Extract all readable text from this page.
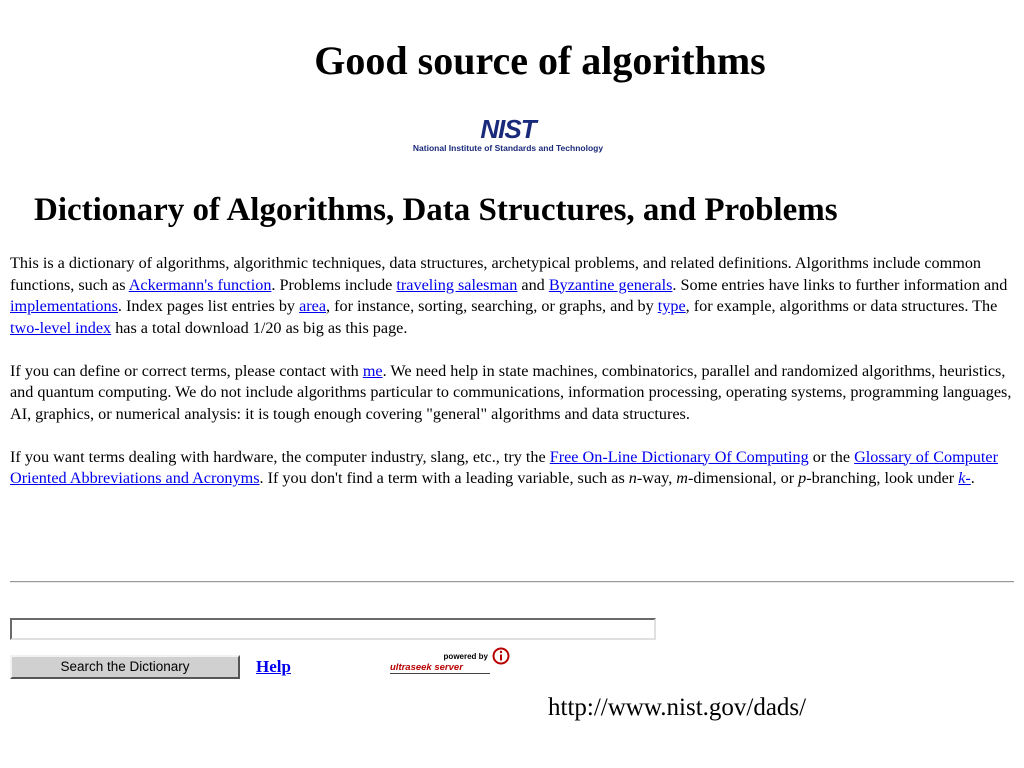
Good source of algorithms
NIST
National Institute of Standards and Technology
Dictionary of Algorithms, Data Structures, and Problems

This is a dictionary of algorithms, algorithmic techniques, data structures, archetypical problems, and related definitions. Algorithms include common functions, such as Ackermann's function. Problems include traveling salesman and Byzantine generals. Some entries have links to further information and implementations. Index pages list entries by area, for instance, sorting, searching, or graphs, and by type, for example, algorithms or data structures. The two-level index has a total download 1/20 as big as this page.

If you can define or correct terms, please contact with me. We need help in state machines, combinatorics, parallel and randomized algorithms, heuristics, and quantum computing. We do not include algorithms particular to communications, information processing, operating systems, programming languages, AI, graphics, or numerical analysis: it is tough enough covering "general" algorithms and data structures.

If you want terms dealing with hardware, the computer industry, slang, etc., try the Free On-Line Dictionary Of Computing or the Glossary of Computer Oriented Abbreviations and Acronyms. If you don't find a term with a leading variable, such as n-way, m-dimensional, or p-branching, look under k-.

Search the Dictionary	Help
powered by
ultraseek server
http://www.nist.gov/dads/
